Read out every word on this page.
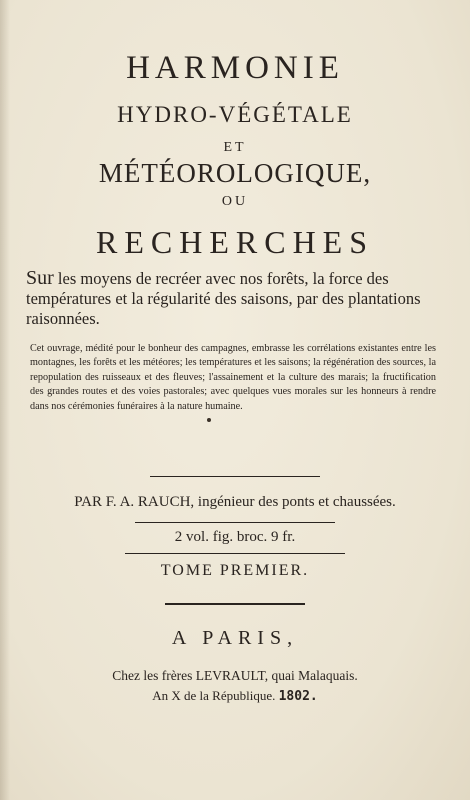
HARMONIE
HYDRO-VÉGÉTALE
ET
MÉTÉOROLOGIQUE,
OU
RECHERCHES
Sur les moyens de recréer avec nos forêts, la force des températures et la régularité des saisons, par des plantations raisonnées.
Cet ouvrage, médité pour le bonheur des campagnes, embrasse les corrélations existantes entre les montagnes, les forêts et les météores; les températures et les saisons; la régénération des sources, la repopulation des ruisseaux et des fleuves; l'assainement et la culture des marais; la fructification des grandes routes et des voies pastorales; avec quelques vues morales sur les honneurs à rendre dans nos cérémonies funéraires à la nature humaine.
PAR F. A. RAUCH, ingénieur des ponts et chaussées.
2 vol. fig. broc. 9 fr.
TOME PREMIER.
A PARIS,
Chez les frères LEVRAULT, quai Malaquais.
An X de la République. 1802.
